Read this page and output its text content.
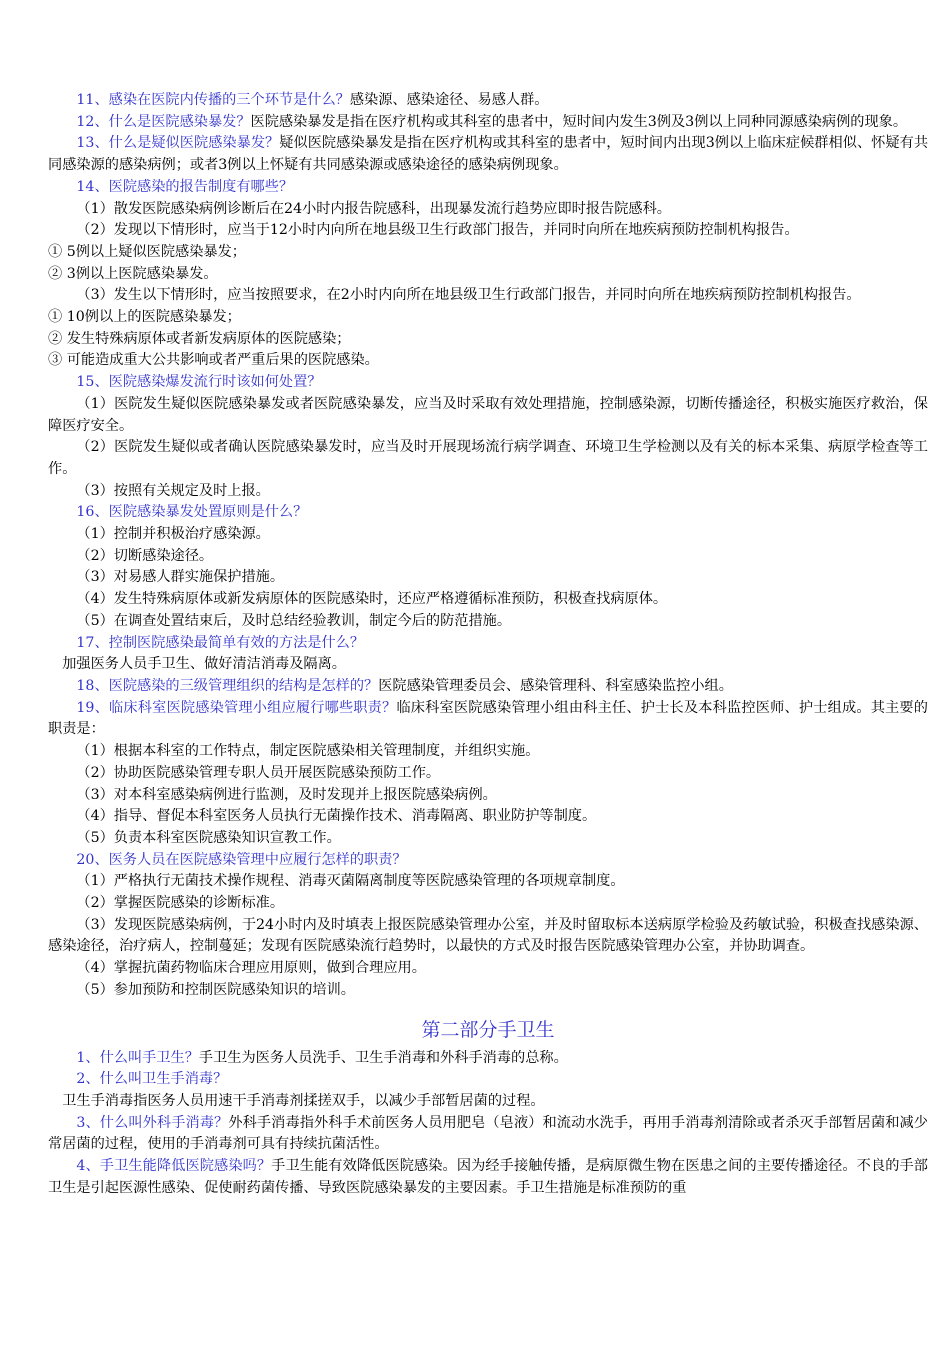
11、感染在医院内传播的三个环节是什么？感染源、感染途径、易感人群。

12、什么是医院感染暴发？医院感染暴发是指在医疗机构或其科室的患者中，短时间内发生3例及3例以上同种同源感染病例的现象。

13、什么是疑似医院感染暴发？疑似医院感染暴发是指在医疗机构或其科室的患者中，短时间内出现3例以上临床症候群相似、怀疑有共同感染源的感染病例；或者3例以上怀疑有共同感染源或感染途径的感染病例现象。

14、医院感染的报告制度有哪些？

（1）散发医院感染病例诊断后在24小时内报告院感科，出现暴发流行趋势应即时报告院感科。

（2）发现以下情形时，应当于12小时内向所在地县级卫生行政部门报告，并同时向所在地疾病预防控制机构报告。

① 5例以上疑似医院感染暴发；

② 3例以上医院感染暴发。

（3）发生以下情形时，应当按照要求，在2小时内向所在地县级卫生行政部门报告，并同时向所在地疾病预防控制机构报告。

① 10例以上的医院感染暴发；

② 发生特殊病原体或者新发病原体的医院感染；

③ 可能造成重大公共影响或者严重后果的医院感染。

15、医院感染爆发流行时该如何处置？

（1）医院发生疑似医院感染暴发或者医院感染暴发，应当及时采取有效处理措施，控制感染源，切断传播途径，积极实施医疗救治，保障医疗安全。

（2）医院发生疑似或者确认医院感染暴发时，应当及时开展现场流行病学调查、环境卫生学检测以及有关的标本采集、病原学检查等工作。

（3）按照有关规定及时上报。

16、医院感染暴发处置原则是什么？

（1）控制并积极治疗感染源。

（2）切断感染途径。

（3）对易感人群实施保护措施。

（4）发生特殊病原体或新发病原体的医院感染时，还应严格遵循标准预防，积极查找病原体。

（5）在调查处置结束后，及时总结经验教训，制定今后的防范措施。

17、控制医院感染最简单有效的方法是什么？

加强医务人员手卫生、做好清洁消毒及隔离。

18、医院感染的三级管理组织的结构是怎样的？医院感染管理委员会、感染管理科、科室感染监控小组。

19、临床科室医院感染管理小组应履行哪些职责？临床科室医院感染管理小组由科主任、护士长及本科监控医师、护士组成。其主要的职责是：

（1）根据本科室的工作特点，制定医院感染相关管理制度，并组织实施。

（2）协助医院感染管理专职人员开展医院感染预防工作。

（3）对本科室感染病例进行监测，及时发现并上报医院感染病例。

（4）指导、督促本科室医务人员执行无菌操作技术、消毒隔离、职业防护等制度。

（5）负责本科室医院感染知识宣教工作。

20、医务人员在医院感染管理中应履行怎样的职责？

（1）严格执行无菌技术操作规程、消毒灭菌隔离制度等医院感染管理的各项规章制度。

（2）掌握医院感染的诊断标准。

（3）发现医院感染病例，于24小时内及时填表上报医院感染管理办公室，并及时留取标本送病原学检验及药敏试验，积极查找感染源、感染途径，治疗病人，控制蔓延；发现有医院感染流行趋势时，以最快的方式及时报告医院感染管理办公室，并协助调查。

（4）掌握抗菌药物临床合理应用原则，做到合理应用。

（5）参加预防和控制医院感染知识的培训。

第二部分手卫生

1、什么叫手卫生？手卫生为医务人员洗手、卫生手消毒和外科手消毒的总称。

2、什么叫卫生手消毒？

卫生手消毒指医务人员用速干手消毒剂揉搓双手，以减少手部暂居菌的过程。

3、什么叫外科手消毒？外科手消毒指外科手术前医务人员用肥皂（皂液）和流动水洗手，再用手消毒剂清除或者杀灭手部暂居菌和减少常居菌的过程，使用的手消毒剂可具有持续抗菌活性。

4、手卫生能降低医院感染吗？手卫生能有效降低医院感染。因为经手接触传播，是病原微生物在医患之间的主要传播途径。不良的手部卫生是引起医源性感染、促使耐药菌传播、导致医院感染暴发的主要因素。手卫生措施是标准预防的重
